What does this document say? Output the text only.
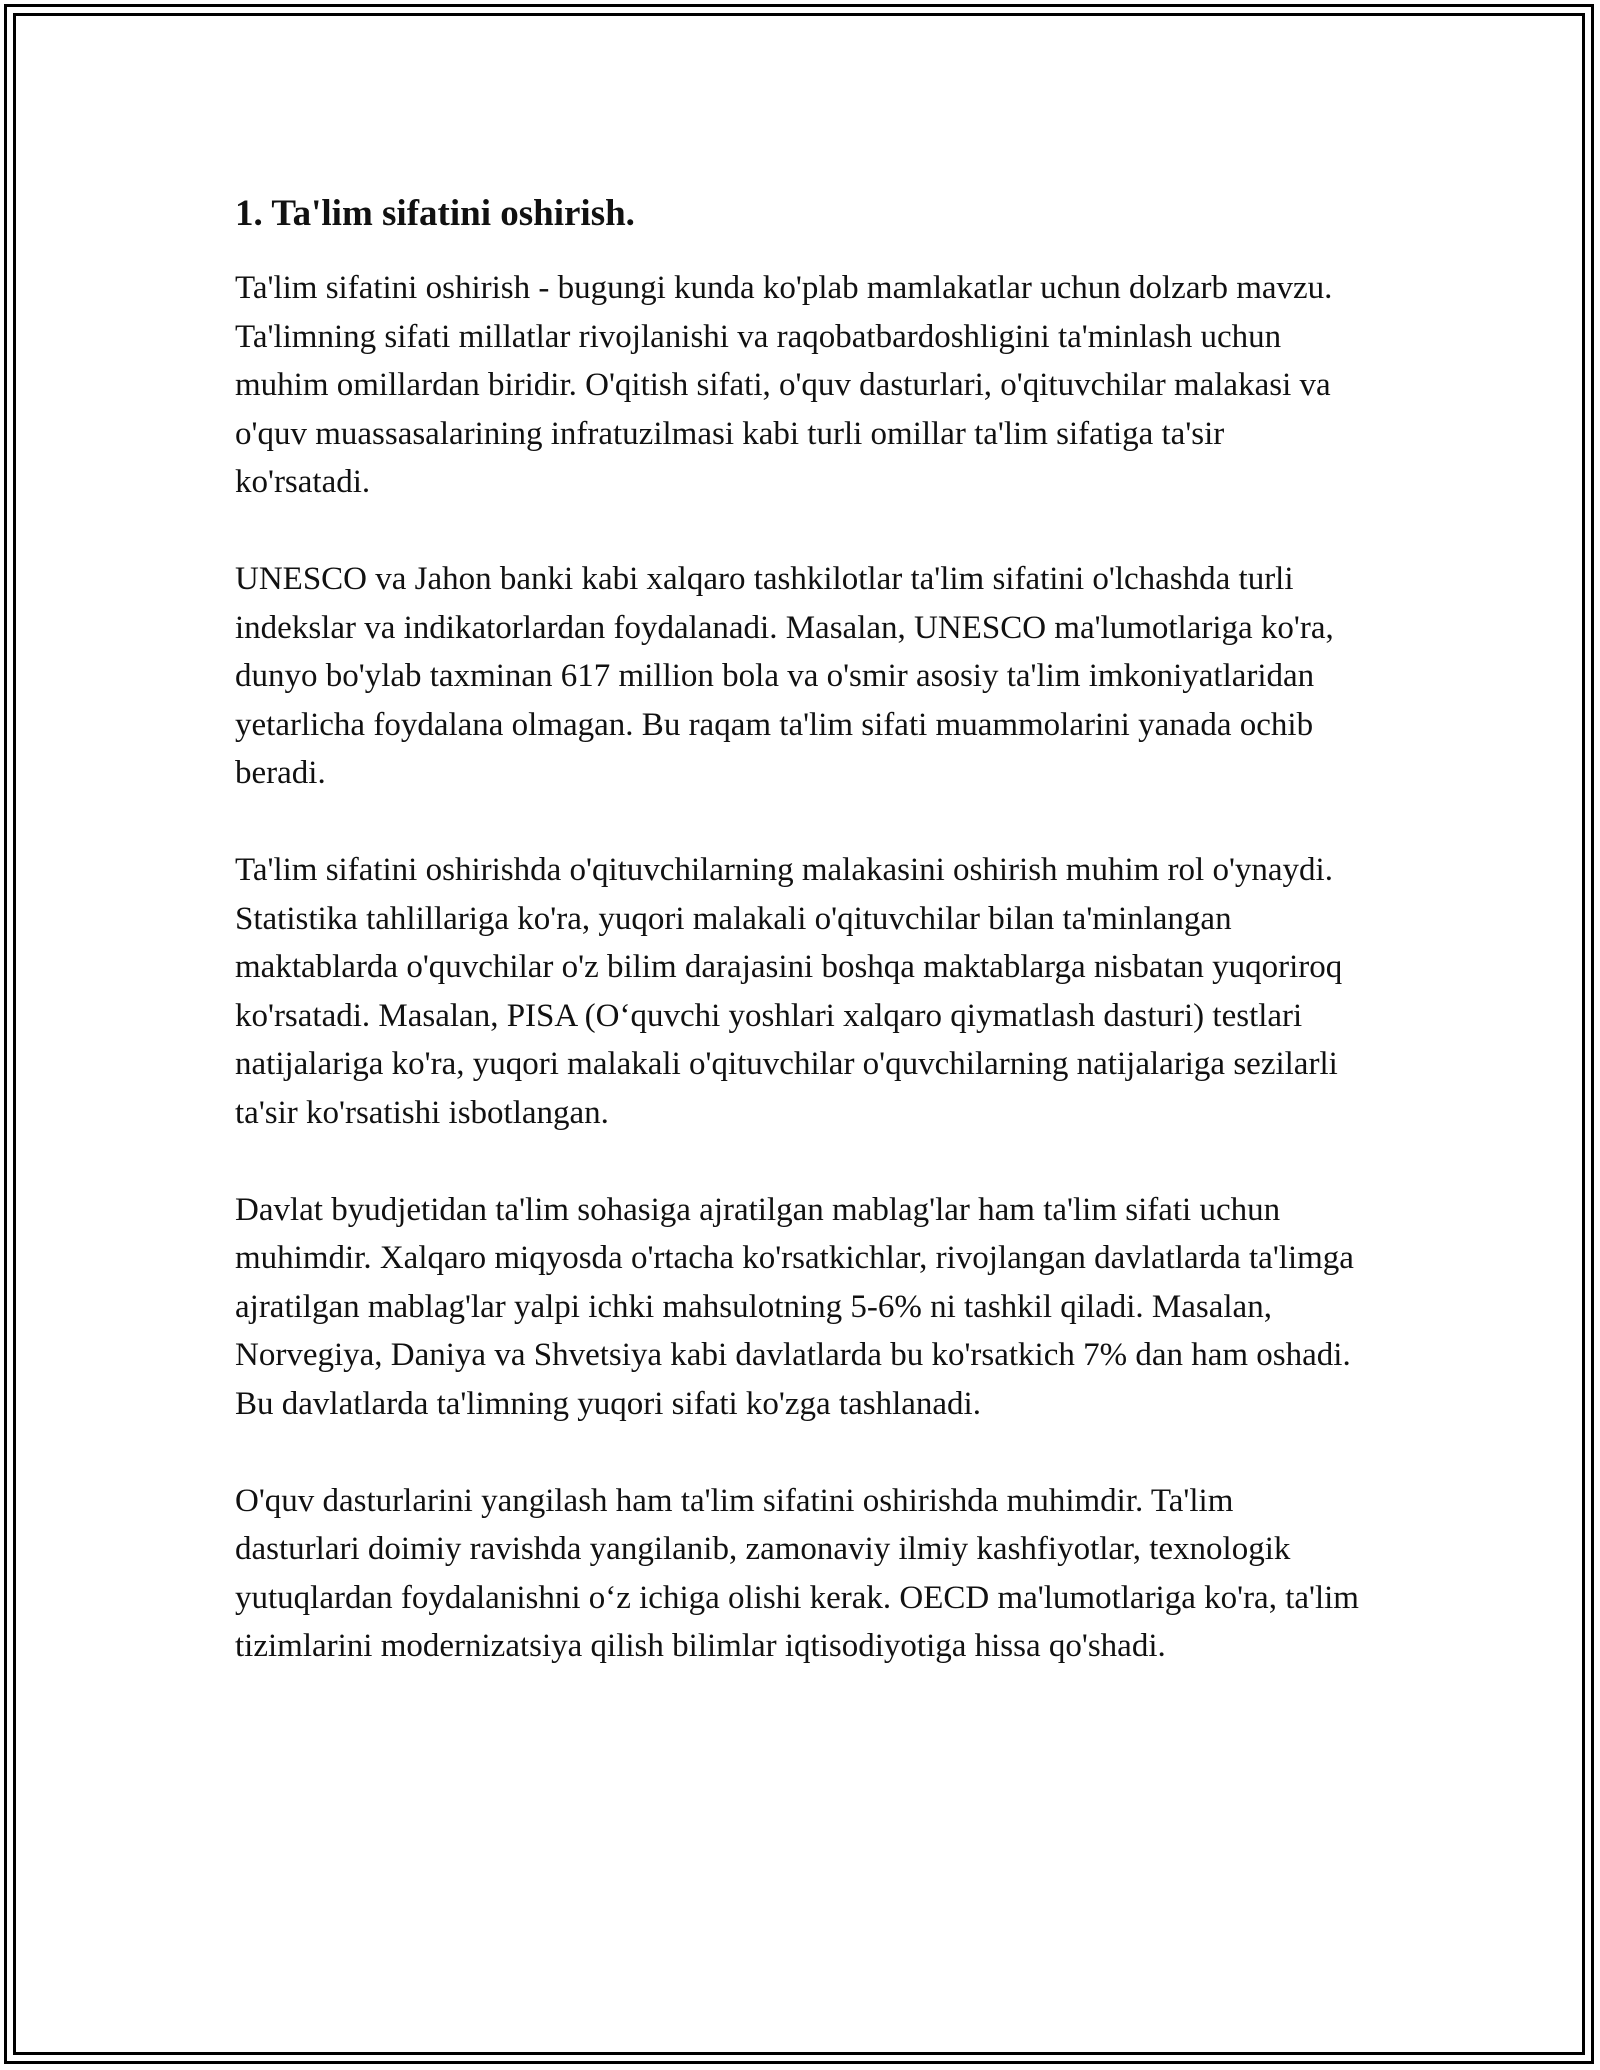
1. Ta'lim sifatini oshirish.

Ta'lim sifatini oshirish - bugungi kunda ko'plab mamlakatlar uchun dolzarb mavzu. Ta'limning sifati millatlar rivojlanishi va raqobatbardoshligini ta'minlash uchun muhim omillardan biridir. O'qitish sifati, o'quv dasturlari, o'qituvchilar malakasi va o'quv muassasalarining infratuzilmasi kabi turli omillar ta'lim sifatiga ta'sir ko'rsatadi.

UNESCO va Jahon banki kabi xalqaro tashkilotlar ta'lim sifatini o'lchashda turli indekslar va indikatorlardan foydalanadi. Masalan, UNESCO ma'lumotlariga ko'ra, dunyo bo'ylab taxminan 617 million bola va o'smir asosiy ta'lim imkoniyatlaridan yetarlicha foydalana olmagan. Bu raqam ta'lim sifati muammolarini yanada ochib beradi.

Ta'lim sifatini oshirishda o'qituvchilarning malakasini oshirish muhim rol o'ynaydi. Statistika tahlillariga ko'ra, yuqori malakali o'qituvchilar bilan ta'minlangan maktablarda o'quvchilar o'z bilim darajasini boshqa maktablarga nisbatan yuqoriroq ko'rsatadi. Masalan, PISA (O‘quvchi yoshlari xalqaro qiymatlash dasturi) testlari natijalariga ko'ra, yuqori malakali o'qituvchilar o'quvchilarning natijalariga sezilarli ta'sir ko'rsatishi isbotlangan.

Davlat byudjetidan ta'lim sohasiga ajratilgan mablag'lar ham ta'lim sifati uchun muhimdir. Xalqaro miqyosda o'rtacha ko'rsatkichlar, rivojlangan davlatlarda ta'limga ajratilgan mablag'lar yalpi ichki mahsulotning 5-6% ni tashkil qiladi. Masalan, Norvegiya, Daniya va Shvetsiya kabi davlatlarda bu ko'rsatkich 7% dan ham oshadi. Bu davlatlarda ta'limning yuqori sifati ko'zga tashlanadi.

O'quv dasturlarini yangilash ham ta'lim sifatini oshirishda muhimdir. Ta'lim dasturlari doimiy ravishda yangilanib, zamonaviy ilmiy kashfiyotlar, texnologik yutuqlardan foydalanishni o‘z ichiga olishi kerak. OECD ma'lumotlariga ko'ra, ta'lim tizimlarini modernizatsiya qilish bilimlar iqtisodiyotiga hissa qo'shadi.
